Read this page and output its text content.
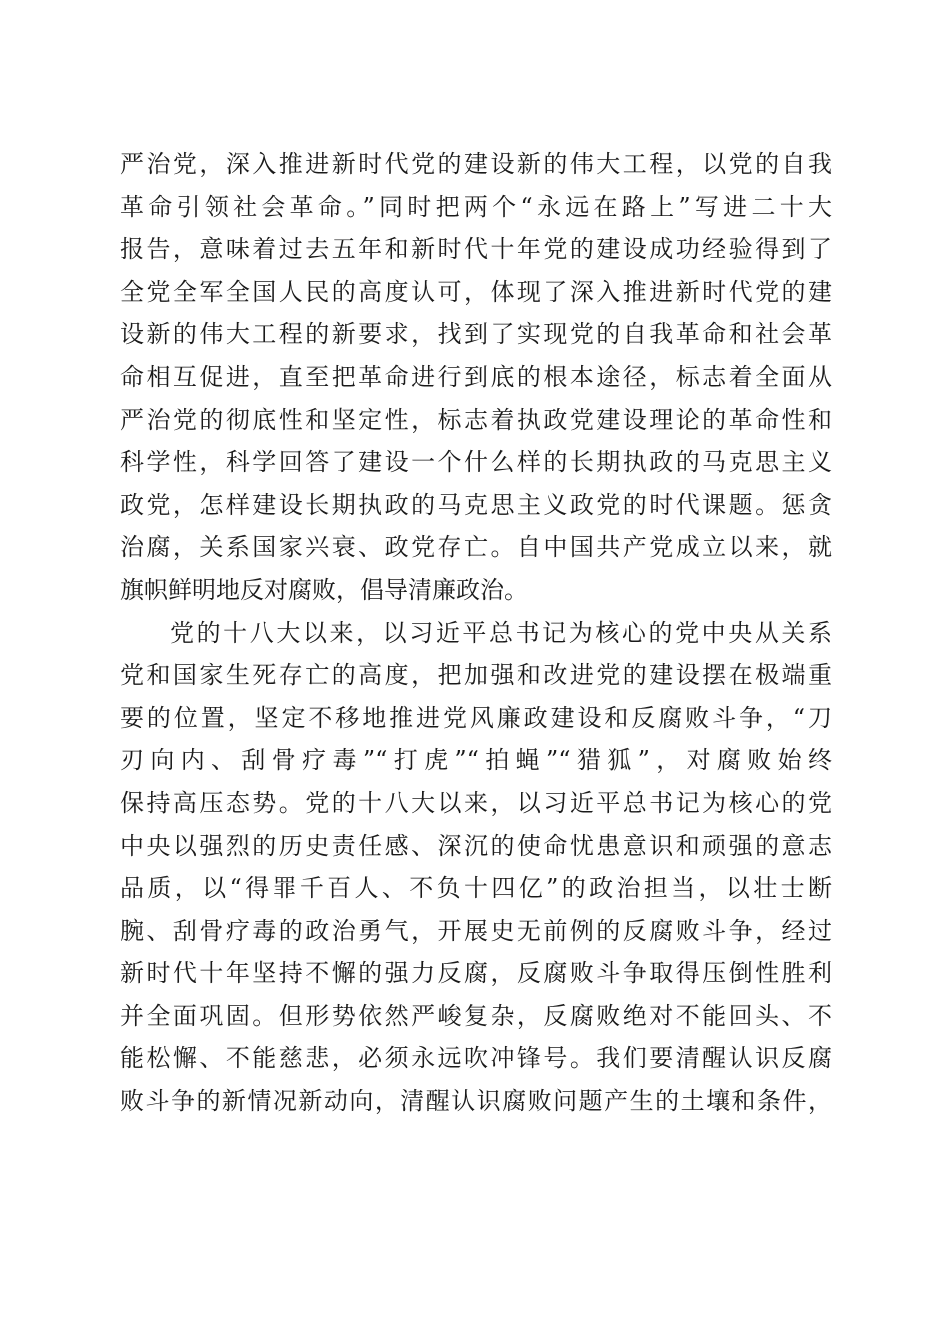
严治党，深入推进新时代党的建设新的伟大工程，以党的自我
革命引领社会革命。”同时把两个“永远在路上”写进二十大
报告，意味着过去五年和新时代十年党的建设成功经验得到了
全党全军全国人民的高度认可，体现了深入推进新时代党的建
设新的伟大工程的新要求，找到了实现党的自我革命和社会革
命相互促进，直至把革命进行到底的根本途径，标志着全面从
严治党的彻底性和坚定性，标志着执政党建设理论的革命性和
科学性，科学回答了建设一个什么样的长期执政的马克思主义
政党，怎样建设长期执政的马克思主义政党的时代课题。惩贪
治腐，关系国家兴衰、政党存亡。自中国共产党成立以来，就
旗帜鲜明地反对腐败，倡导清廉政治。
党的十八大以来，以习近平总书记为核心的党中央从关系
党和国家生死存亡的高度，把加强和改进党的建设摆在极端重
要的位置，坚定不移地推进党风廉政建设和反腐败斗争，“刀
刃向内、刮骨疗毒”“打虎”“拍蝇”“猎狐”，对腐败始终
保持高压态势。党的十八大以来，以习近平总书记为核心的党
中央以强烈的历史责任感、深沉的使命忧患意识和顽强的意志
品质，以“得罪千百人、不负十四亿”的政治担当，以壮士断
腕、刮骨疗毒的政治勇气，开展史无前例的反腐败斗争，经过
新时代十年坚持不懈的强力反腐，反腐败斗争取得压倒性胜利
并全面巩固。但形势依然严峻复杂，反腐败绝对不能回头、不
能松懈、不能慈悲，必须永远吹冲锋号。我们要清醒认识反腐
败斗争的新情况新动向，清醒认识腐败问题产生的土壤和条件，
